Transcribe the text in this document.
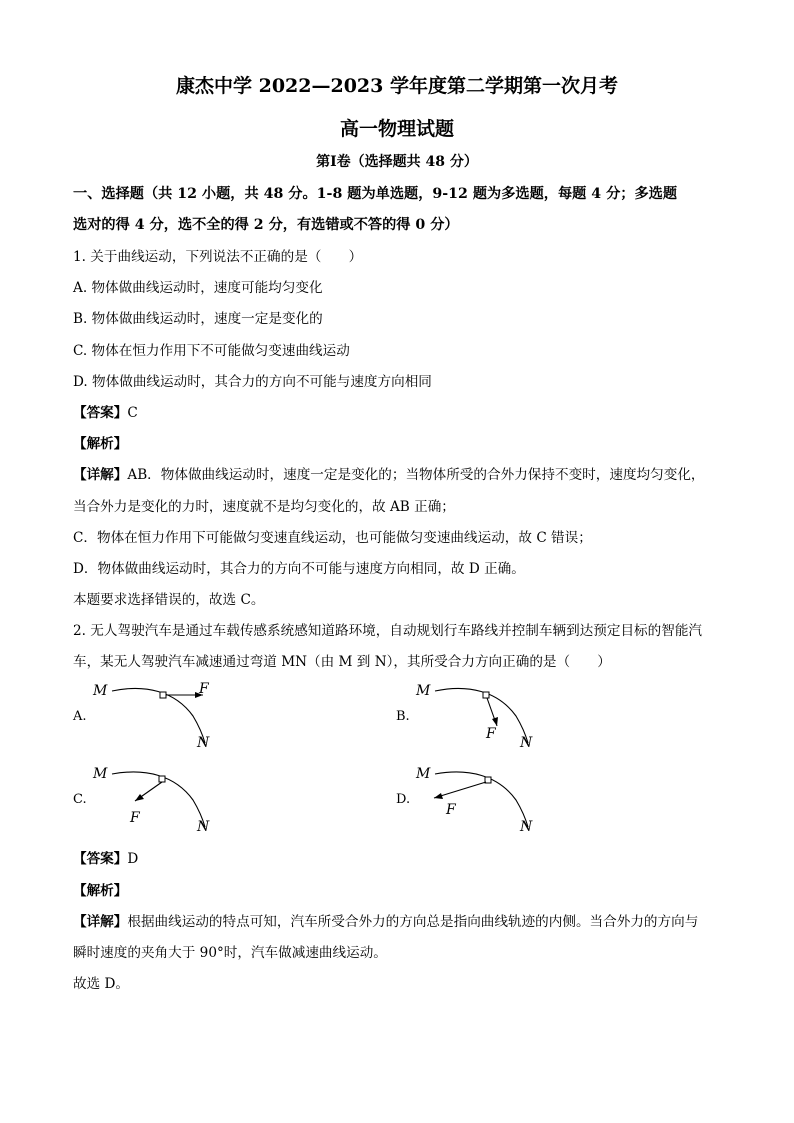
康杰中学 2022—2023 学年度第二学期第一次月考
高一物理试题
第Ⅰ卷（选择题共 48 分）
一、选择题（共 12 小题，共 48 分。1-8 题为单选题，9-12 题为多选题，每题 4 分；多选题
选对的得 4 分，选不全的得 2 分，有选错或不答的得 0 分）
1. 关于曲线运动，下列说法不正确的是（　　）
A. 物体做曲线运动时，速度可能均匀变化
B. 物体做曲线运动时，速度一定是变化的
C. 物体在恒力作用下不可能做匀变速曲线运动
D. 物体做曲线运动时，其合力的方向不可能与速度方向相同
【答案】C
【解析】
【详解】AB．物体做曲线运动时，速度一定是变化的；当物体所受的合外力保持不变时，速度均匀变化，
当合外力是变化的力时，速度就不是均匀变化的，故 AB 正确；
C．物体在恒力作用下可能做匀变速直线运动，也可能做匀变速曲线运动，故 C 错误；
D．物体做曲线运动时，其合力的方向不可能与速度方向相同，故 D 正确。
本题要求选择错误的，故选 C。
2. 无人驾驶汽车是通过车载传感系统感知道路环境，自动规划行车路线并控制车辆到达预定目标的智能汽
车，某无人驾驶汽车减速通过弯道 MN（由 M 到 N），其所受合力方向正确的是（　　）
A.	B.
C.	D.
M	F
N
M
F
N
M
F
N
M
F
N
【答案】D
【解析】
【详解】根据曲线运动的特点可知，汽车所受合外力的方向总是指向曲线轨迹的内侧。当合外力的方向与
瞬时速度的夹角大于 90°时，汽车做减速曲线运动。
故选 D。
